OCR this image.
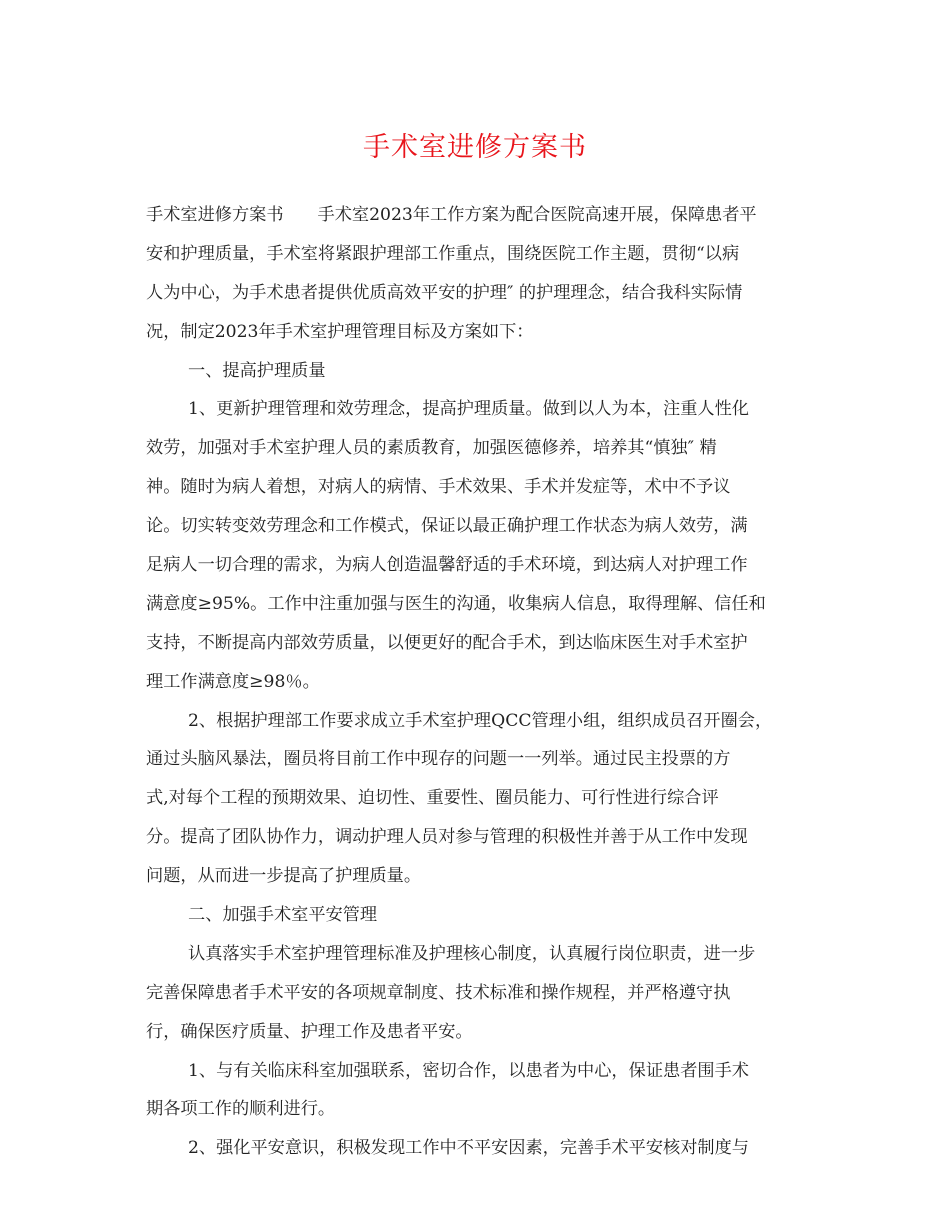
手术室进修方案书
手术室进修方案书 手术室2023年工作方案为配合医院高速开展，保障患者平
安和护理质量，手术室将紧跟护理部工作重点，围绕医院工作主题，贯彻“以病
人为中心，为手术患者提供优质高效平安的护理″ 的护理理念，结合我科实际情
况，制定2023年手术室护理管理目标及方案如下：
一、提高护理质量
1、更新护理管理和效劳理念，提高护理质量。做到以人为本，注重人性化
效劳，加强对手术室护理人员的素质教育，加强医德修养，培养其“慎独″ 精
神。随时为病人着想，对病人的病情、手术效果、手术并发症等，术中不予议
论。切实转变效劳理念和工作模式，保证以最正确护理工作状态为病人效劳，满
足病人一切合理的需求，为病人创造温馨舒适的手术环境，到达病人对护理工作
满意度≥95%。工作中注重加强与医生的沟通，收集病人信息，取得理解、信任和
支持，不断提高内部效劳质量，以便更好的配合手术，到达临床医生对手术室护
理工作满意度≥98％。
2、根据护理部工作要求成立手术室护理QCC管理小组，组织成员召开圈会，
通过头脑风暴法，圈员将目前工作中现存的问题一一列举。通过民主投票的方
式,对每个工程的预期效果、迫切性、重要性、圈员能力、可行性进行综合评
分。提高了团队协作力，调动护理人员对参与管理的积极性并善于从工作中发现
问题，从而进一步提高了护理质量。
二、加强手术室平安管理
认真落实手术室护理管理标准及护理核心制度，认真履行岗位职责，进一步
完善保障患者手术平安的各项规章制度、技术标准和操作规程，并严格遵守执
行，确保医疗质量、护理工作及患者平安。
1、与有关临床科室加强联系，密切合作，以患者为中心，保证患者围手术
期各项工作的顺利进行。
2、强化平安意识，积极发现工作中不平安因素，完善手术平安核对制度与
